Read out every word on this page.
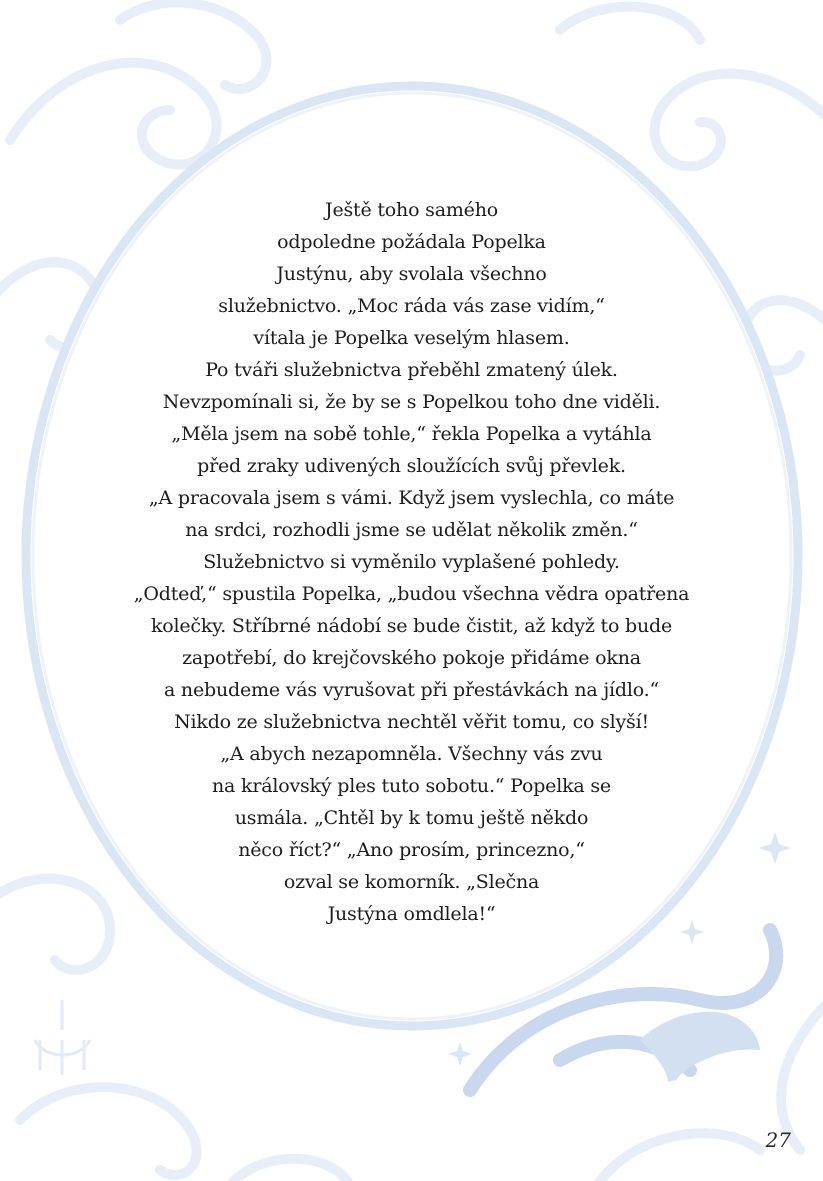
Ještě toho samého
odpoledne požádala Popelka
Justýnu, aby svolala všechno
služebnictvo. „Moc ráda vás zase vidím,“
vítala je Popelka veselým hlasem.
Po tváři služebnictva přeběhl zmatený úlek.
Nevzpomínali si, že by se s Popelkou toho dne viděli.
„Měla jsem na sobě tohle,“ řekla Popelka a vytáhla
před zraky udivených sloužících svůj převlek.
„A pracovala jsem s vámi. Když jsem vyslechla, co máte
na srdci, rozhodli jsme se udělat několik změn.“
Služebnictvo si vyměnilo vyplašené pohledy.
„Odteď,“ spustila Popelka, „budou všechna vědra opatřena
kolečky. Stříbrné nádobí se bude čistit, až když to bude
zapotřebí, do krejčovského pokoje přidáme okna
a nebudeme vás vyrušovat při přestávkách na jídlo.“
Nikdo ze služebnictva nechtěl věřit tomu, co slyší!
„A abych nezapomněla. Všechny vás zvu
na královský ples tuto sobotu.“ Popelka se
usmála. „Chtěl by k tomu ještě někdo
něco říct?“ „Ano prosím, princezno,“
ozval se komorník. „Slečna
Justýna omdlela!“
27
